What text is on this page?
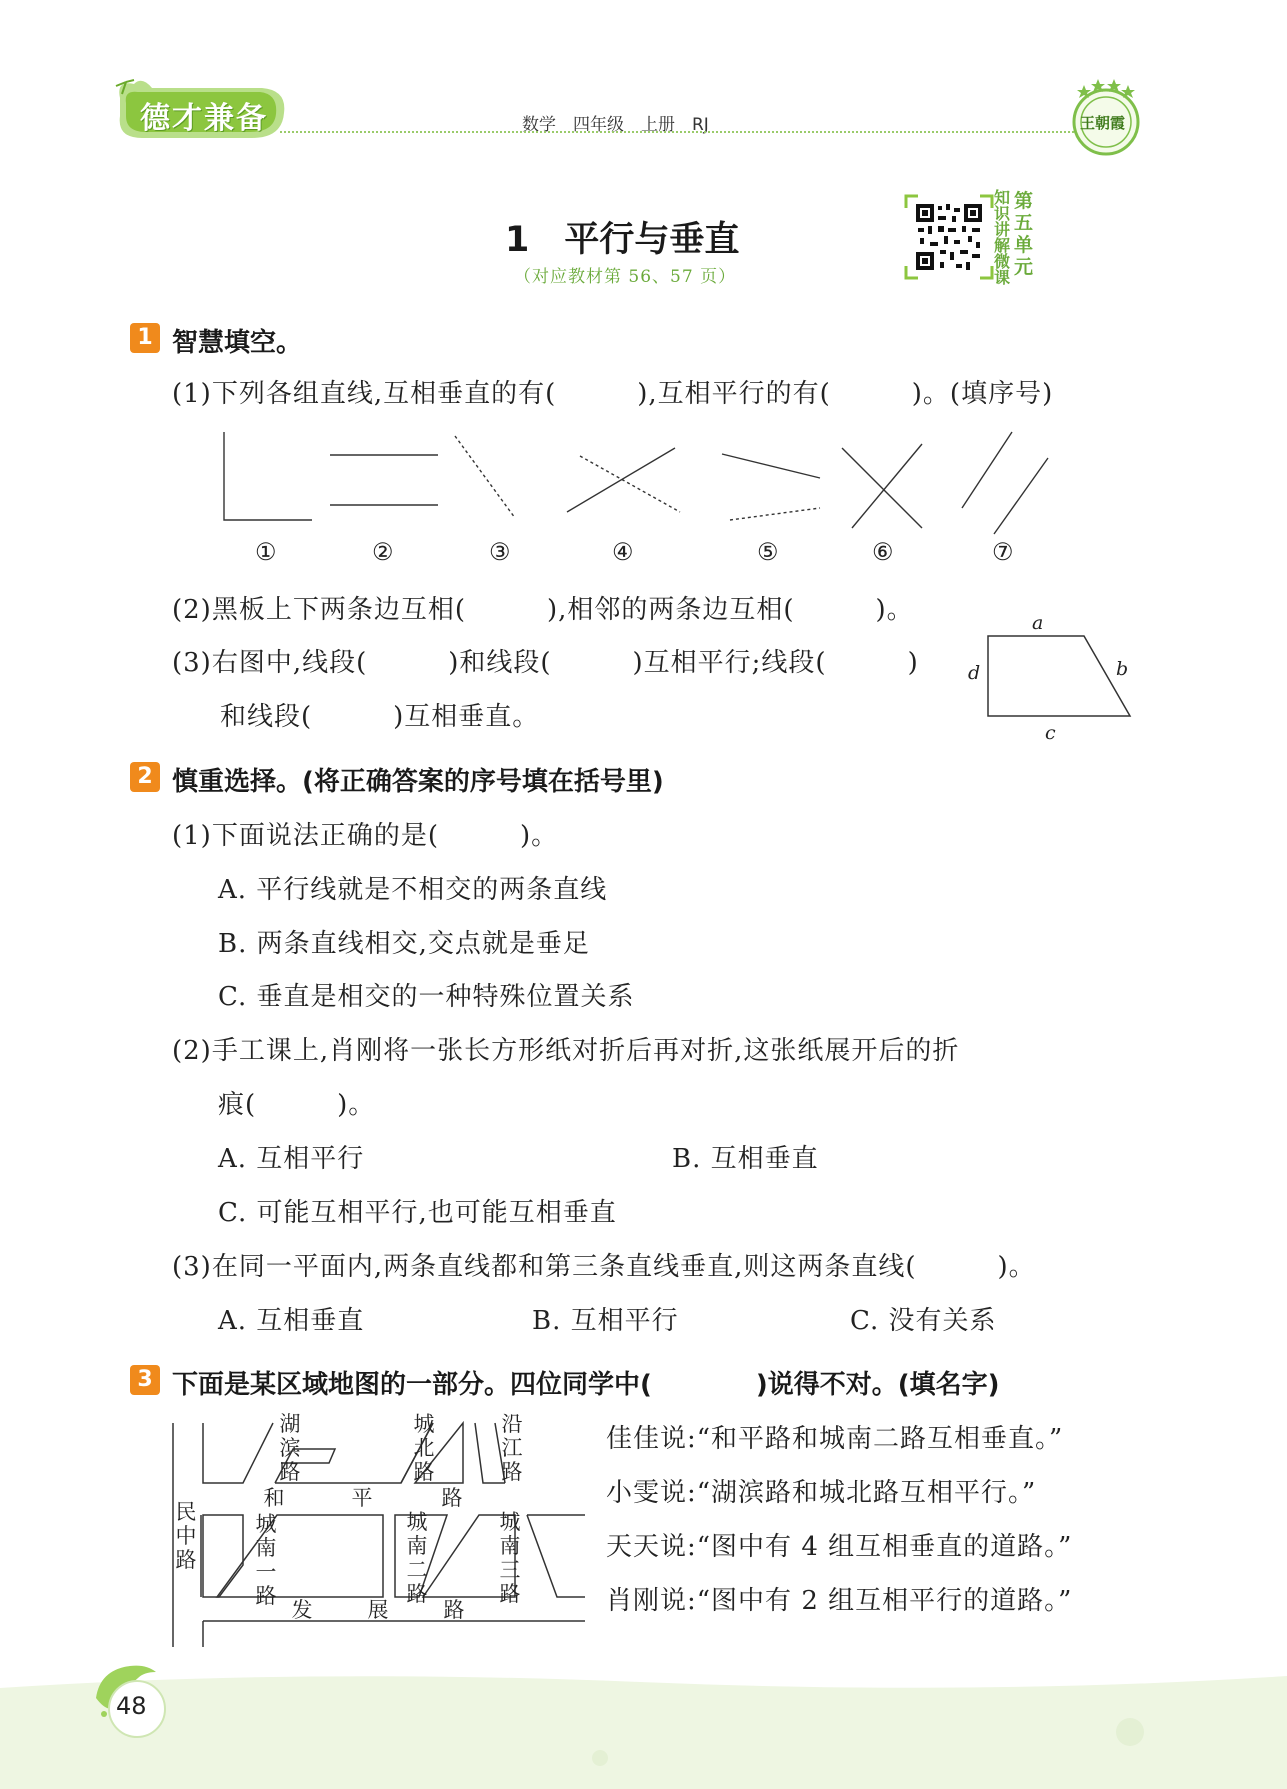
德才兼备	数学　四年级　上册　RJ	王朝霞
1　平行与垂直
（对应教材第 56、57 页）
知识讲解微课
第五单元
1 智慧填空。
(1)下列各组直线,互相垂直的有(　　　),互相平行的有(　　　)。(填序号)
①	②	③	④	⑤	⑥	⑦
(2)黑板上下两条边互相(　　　),相邻的两条边互相(　　　)。
(3)右图中,线段(　　　)和线段(　　　)互相平行;线段(　　　)
和线段(　　　)互相垂直。
a
b
c
d
2 慎重选择。(将正确答案的序号填在括号里)
(1)下面说法正确的是(　　　)。
A. 平行线就是不相交的两条直线
B. 两条直线相交,交点就是垂足
C. 垂直是相交的一种特殊位置关系
(2)手工课上,肖刚将一张长方形纸对折后再对折,这张纸展开后的折
痕(　　　)。
A. 互相平行	B. 互相垂直
C. 可能互相平行,也可能互相垂直
(3)在同一平面内,两条直线都和第三条直线垂直,则这两条直线(　　　)。
A. 互相垂直	B. 互相平行	C. 没有关系
3 下面是某区域地图的一部分。四位同学中(　　　　)说得不对。(填名字)
湖滨路
城北路
沿江路
和	平	路
民中路
城南一路
城南二路
城南三路
发	展	路
佳佳说:“和平路和城南二路互相垂直。”
小雯说:“湖滨路和城北路互相平行。”
天天说:“图中有 4 组互相垂直的道路。”
肖刚说:“图中有 2 组互相平行的道路。”
48
